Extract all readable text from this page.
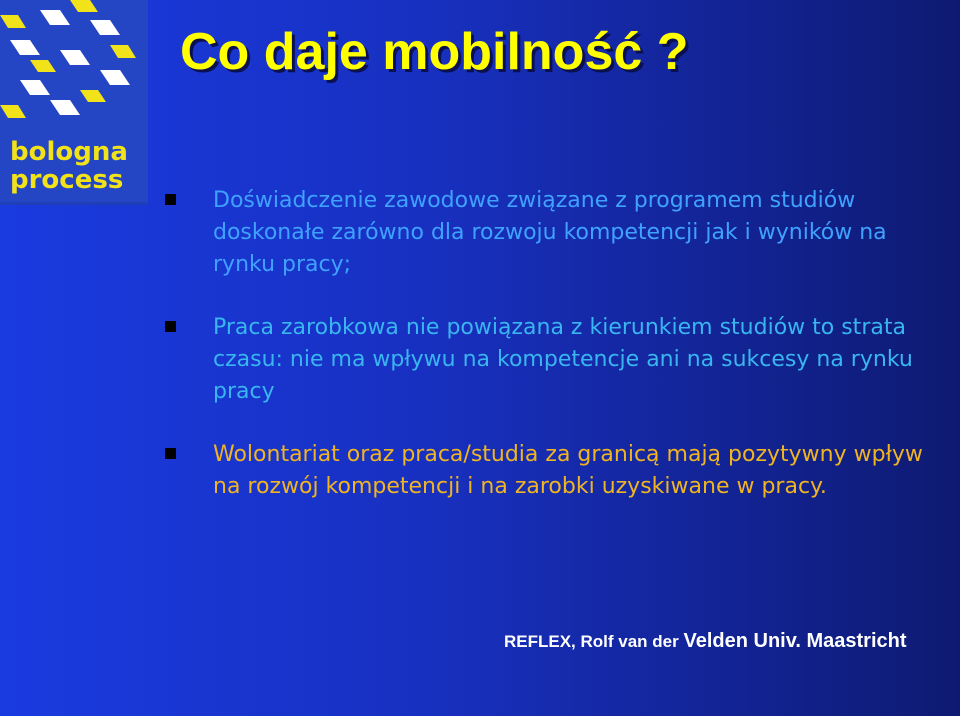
bologna
process
Co daje mobilność ?
Doświadczenie zawodowe związane z programem studiów doskonałe zarówno dla rozwoju kompetencji jak i wyników na rynku pracy;
Praca zarobkowa nie powiązana z kierunkiem studiów to strata czasu: nie ma wpływu na kompetencje ani na sukcesy na rynku pracy
Wolontariat oraz praca/studia za granicą mają pozytywny wpływ na rozwój kompetencji i na zarobki uzyskiwane w pracy.
REFLEX, Rolf van der Velden Univ. Maastricht
